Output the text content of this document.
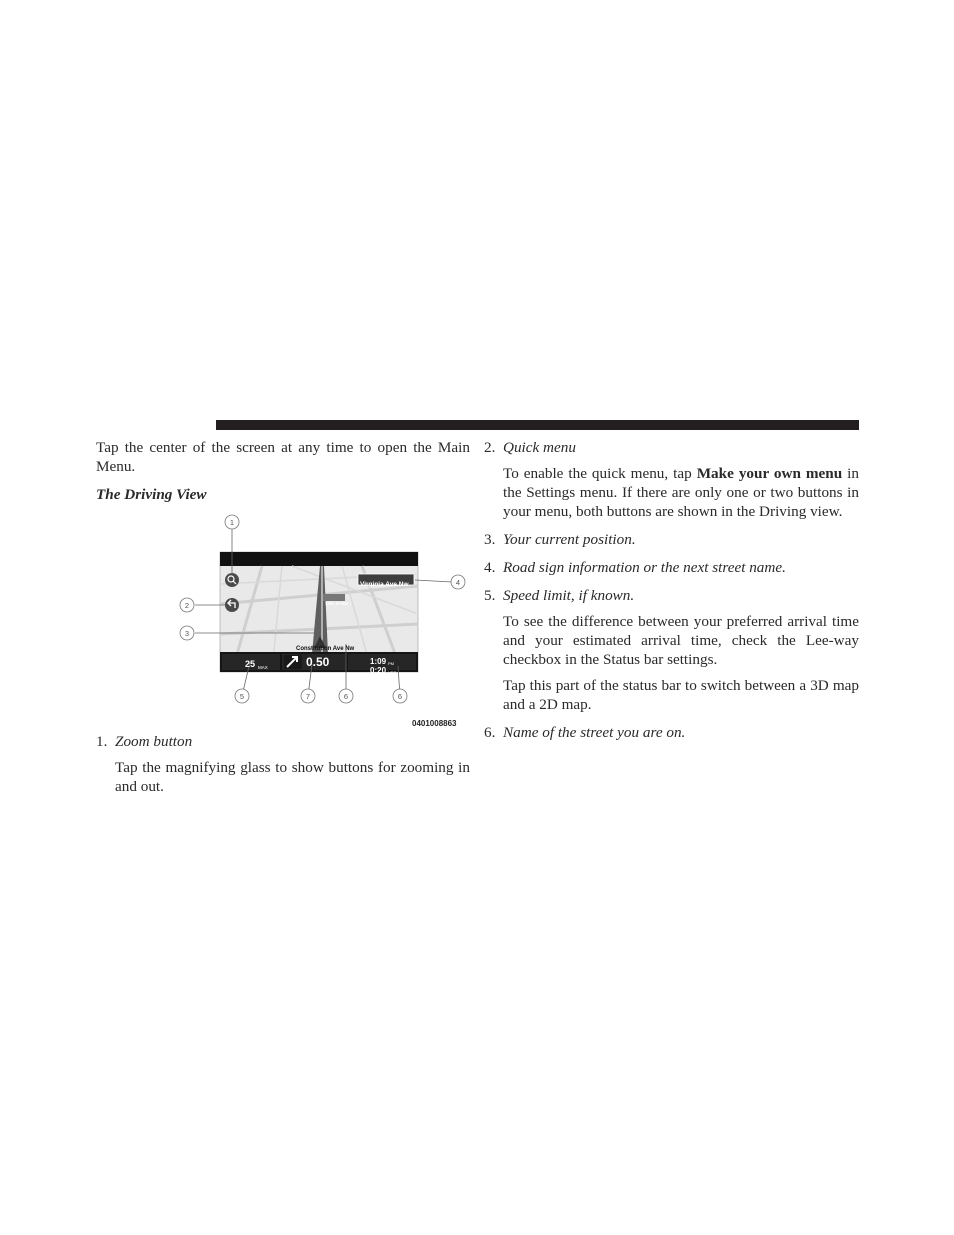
Tap the center of the screen at any time to open the Main Menu.

The Driving View

1
2
3
4
5	7	6	6
Virginia Ave Nw
13th St Nw
Constitution Ave Nw
25 MAX	0.50
MILES
1:09 PM
0:20 HRS
0401008863
1. Zoom button

Tap the magnifying glass to show buttons for zooming in and out.

2. Quick menu

To enable the quick menu, tap Make your own menu in the Settings menu. If there are only one or two buttons in your menu, both buttons are shown in the Driving view.

3. Your current position.
4. Road sign information or the next street name.
5. Speed limit, if known.

To see the difference between your preferred arrival time and your estimated arrival time, check the Lee-way checkbox in the Status bar settings.

Tap this part of the status bar to switch between a 3D map and a 2D map.

6. Name of the street you are on.
